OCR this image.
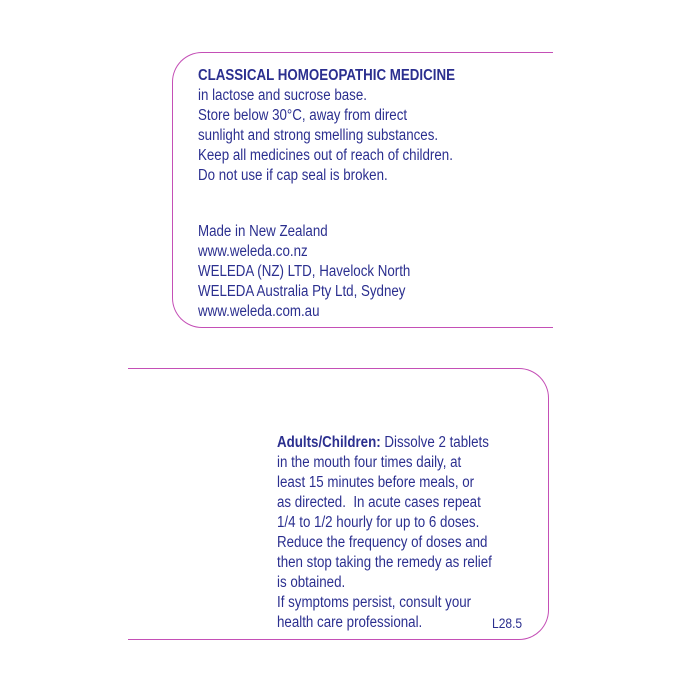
CLASSICAL HOMOEOPATHIC MEDICINE
in lactose and sucrose base.
Store below 30°C, away from direct
sunlight and strong smelling substances.
Keep all medicines out of reach of children.
Do not use if cap seal is broken.
Made in New Zealand
www.weleda.co.nz
WELEDA (NZ) LTD, Havelock North
WELEDA Australia Pty Ltd, Sydney
www.weleda.com.au
Adults/Children: Dissolve 2 tablets
in the mouth four times daily, at
least 15 minutes before meals, or
as directed.  In acute cases repeat
1/4 to 1/2 hourly for up to 6 doses.
Reduce the frequency of doses and
then stop taking the remedy as relief
is obtained.
If symptoms persist, consult your
health care professional.	L28.5
